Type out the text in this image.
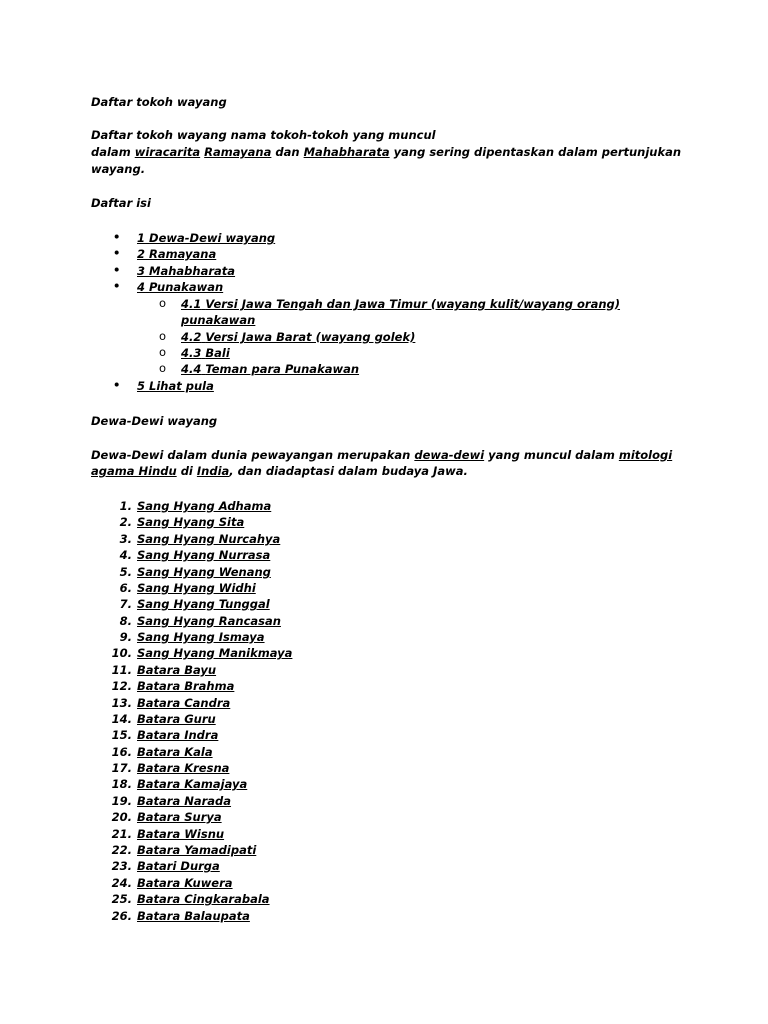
Daftar tokoh wayang
Daftar tokoh wayang nama tokoh-tokoh yang muncul
dalam wiracarita Ramayana dan Mahabharata yang sering dipentaskan dalam pertunjukan
wayang.
Daftar isi
• 1 Dewa-Dewi wayang
• 2 Ramayana
• 3 Mahabharata
• 4 Punakawan
o 4.1 Versi Jawa Tengah dan Jawa Timur (wayang kulit/wayang orang)
punakawan
o 4.2 Versi Jawa Barat (wayang golek)
o 4.3 Bali
o 4.4 Teman para Punakawan
• 5 Lihat pula
Dewa-Dewi wayang
Dewa-Dewi dalam dunia pewayangan merupakan dewa-dewi yang muncul dalam mitologi
agama Hindu di India, dan diadaptasi dalam budaya Jawa.
1. Sang Hyang Adhama
2. Sang Hyang Sita
3. Sang Hyang Nurcahya
4. Sang Hyang Nurrasa
5. Sang Hyang Wenang
6. Sang Hyang Widhi
7. Sang Hyang Tunggal
8. Sang Hyang Rancasan
9. Sang Hyang Ismaya
10. Sang Hyang Manikmaya
11. Batara Bayu
12. Batara Brahma
13. Batara Candra
14. Batara Guru
15. Batara Indra
16. Batara Kala
17. Batara Kresna
18. Batara Kamajaya
19. Batara Narada
20. Batara Surya
21. Batara Wisnu
22. Batara Yamadipati
23. Batari Durga
24. Batara Kuwera
25. Batara Cingkarabala
26. Batara Balaupata
